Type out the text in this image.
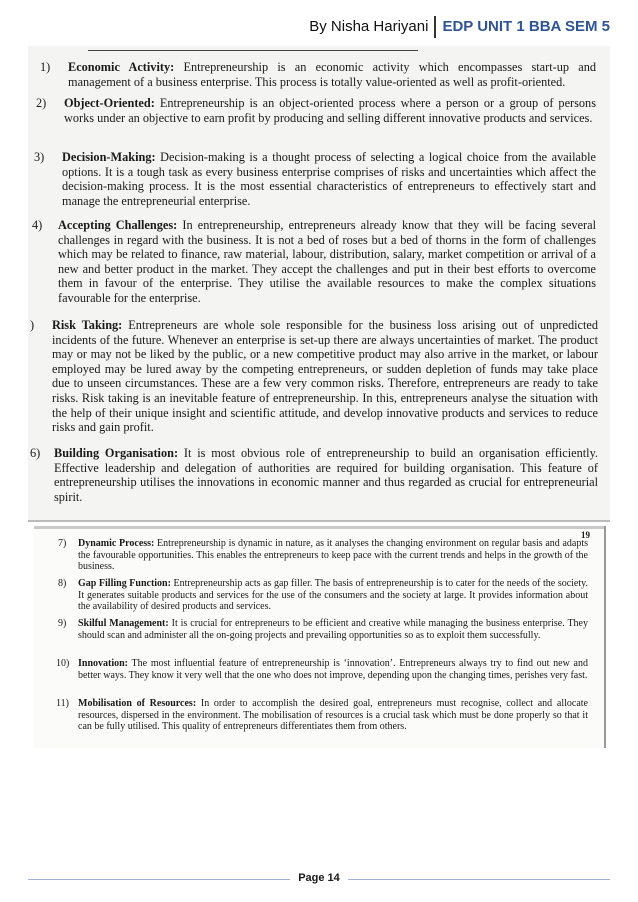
By Nisha Hariyani EDP UNIT 1 BBA SEM 5
1)	Economic Activity: Entrepreneurship is an economic activity which encompasses start-up and management of a business enterprise. This process is totally value-oriented as well as profit-oriented.
2)	Object-Oriented: Entrepreneurship is an object-oriented process where a person or a group of persons works under an objective to earn profit by producing and selling different innovative products and services.
3)	Decision-Making: Decision-making is a thought process of selecting a logical choice from the available options. It is a tough task as every business enterprise comprises of risks and uncertainties which affect the decision-making process. It is the most essential characteristics of entrepreneurs to effectively start and manage the entrepreneurial enterprise.
4)	Accepting Challenges: In entrepreneurship, entrepreneurs already know that they will be facing several challenges in regard with the business. It is not a bed of roses but a bed of thorns in the form of challenges which may be related to finance, raw material, labour, distribution, salary, market competition or arrival of a new and better product in the market. They accept the challenges and put in their best efforts to overcome them in favour of the enterprise. They utilise the available resources to make the complex situations favourable for the enterprise.
)	Risk Taking: Entrepreneurs are whole sole responsible for the business loss arising out of unpredicted incidents of the future. Whenever an enterprise is set-up there are always uncertainties of market. The product may or may not be liked by the public, or a new competitive product may also arrive in the market, or labour employed may be lured away by the competing entrepreneurs, or sudden depletion of funds may take place due to unseen circumstances. These are a few very common risks. Therefore, entrepreneurs are ready to take risks. Risk taking is an inevitable feature of entrepreneurship. In this, entrepreneurs analyse the situation with the help of their unique insight and scientific attitude, and develop innovative products and services to reduce risks and gain profit.
6)	Building Organisation: It is most obvious role of entrepreneurship to build an organisation efficiently. Effective leadership and delegation of authorities are required for building organisation. This feature of entrepreneurship utilises the innovations in economic manner and thus regarded as crucial for entrepreneurial spirit.
19
7)	Dynamic Process: Entrepreneurship is dynamic in nature, as it analyses the changing environment on regular basis and adapts the favourable opportunities. This enables the entrepreneurs to keep pace with the current trends and helps in the growth of the business.
8)	Gap Filling Function: Entrepreneurship acts as gap filler. The basis of entrepreneurship is to cater for the needs of the society. It generates suitable products and services for the use of the consumers and the society at large. It provides information about the availability of desired products and services.
9)	Skilful Management: It is crucial for entrepreneurs to be efficient and creative while managing the business enterprise. They should scan and administer all the on-going projects and prevailing opportunities so as to exploit them successfully.
10) Innovation: The most influential feature of entrepreneurship is ‘innovation’. Entrepreneurs always try to find out new and better ways. They know it very well that the one who does not improve, depending upon the changing times, perishes very fast.
11) Mobilisation of Resources: In order to accomplish the desired goal, entrepreneurs must recognise, collect and allocate resources, dispersed in the environment. The mobilisation of resources is a crucial task which must be done properly so that it can be fully utilised. This quality of entrepreneurs differentiates them from others.
Page 14
